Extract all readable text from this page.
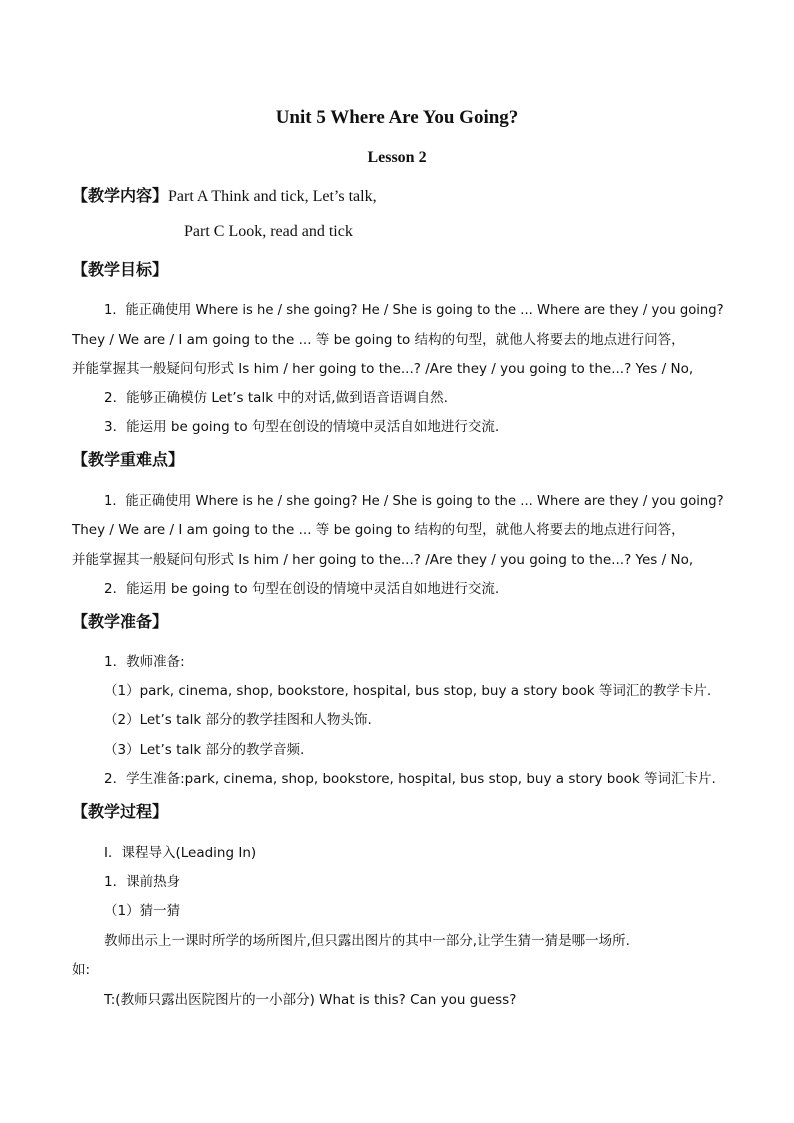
Unit 5 Where Are You Going?
Lesson 2
【教学内容】Part A Think and tick, Let’s talk,
Part C Look, read and tick
【教学目标】
1．能正确使用 Where is he / she going? He / She is going to the ... Where are they / you going?
They / We are / I am going to the ... 等 be going to 结构的句型，就他人将要去的地点进行问答，
并能掌握其一般疑问句形式 Is him / her going to the...? /Are they / you going to the...? Yes / No,
2．能够正确模仿 Let’s talk 中的对话,做到语音语调自然.
3．能运用 be going to 句型在创设的情境中灵活自如地进行交流.
【教学重难点】
1．能正确使用 Where is he / she going? He / She is going to the ... Where are they / you going?
They / We are / I am going to the ... 等 be going to 结构的句型，就他人将要去的地点进行问答，
并能掌握其一般疑问句形式 Is him / her going to the...? /Are they / you going to the...? Yes / No,
2．能运用 be going to 句型在创设的情境中灵活自如地进行交流.
【教学准备】
1．教师准备:
（1）park, cinema, shop, bookstore, hospital, bus stop, buy a story book 等词汇的教学卡片.
（2）Let’s talk 部分的教学挂图和人物头饰.
（3）Let’s talk 部分的教学音频.
2．学生准备:park, cinema, shop, bookstore, hospital, bus stop, buy a story book 等词汇卡片.
【教学过程】
Ⅰ．课程导入(Leading In)
1．课前热身
（1）猜一猜
教师出示上一课时所学的场所图片,但只露出图片的其中一部分,让学生猜一猜是哪一场所.
如:
T:(教师只露出医院图片的一小部分) What is this? Can you guess?
